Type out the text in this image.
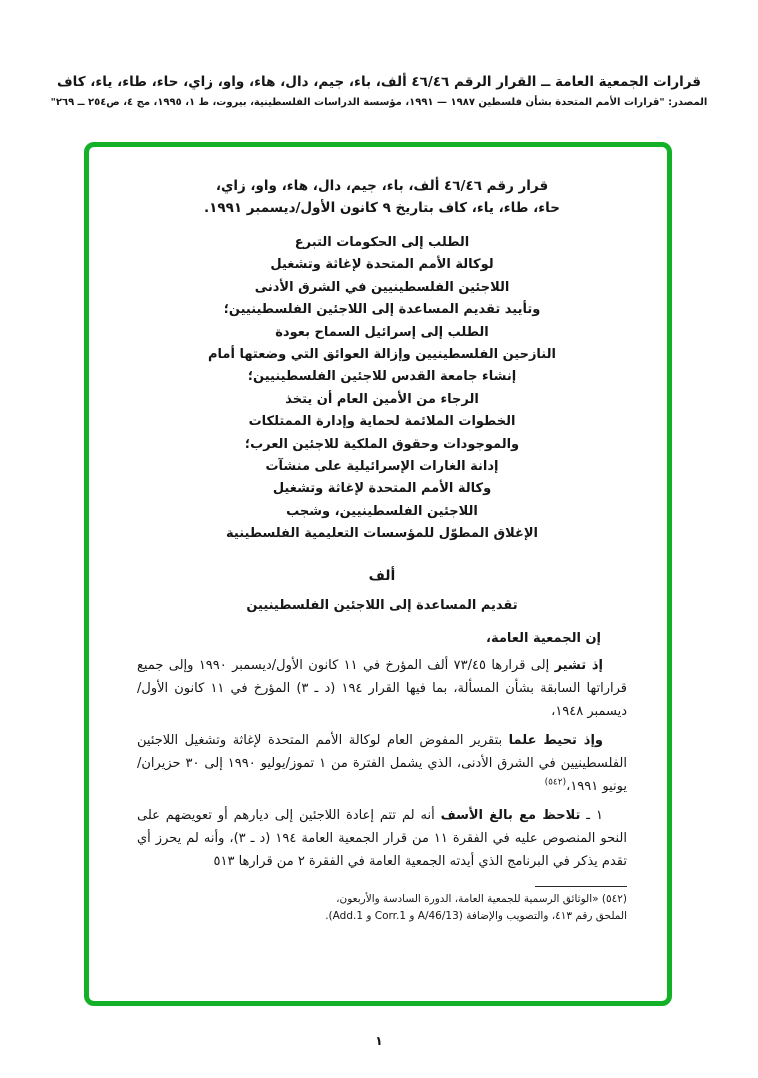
قرارات الجمعية العامة ــ القرار الرقم ٤٦/٤٦ ألف، باء، جيم، دال، هاء، واو، زاي، حاء، طاء، ياء، كاف
المصدر: "قرارات الأمم المتحدة بشأن فلسطين ١٩٨٧ — ١٩٩١، مؤسسة الدراسات الفلسطينية، بيروت، ط ١، ١٩٩٥، مج ٤، ص٢٥٤ ــ ٢٦٩"
قرار رقم ٤٦/٤٦ ألف، باء، جيم، دال، هاء، واو، زاي،
حاء، طاء، ياء، كاف بتاريخ ٩ كانون الأول/ديسمبر ١٩٩١.
الطلب إلى الحكومات التبرع
لوكالة الأمم المتحدة لإغاثة وتشغيل
اللاجئين الفلسطينيين في الشرق الأدنى
وتأييد تقديم المساعدة إلى اللاجئين الفلسطينيين؛
الطلب إلى إسرائيل السماح بعودة
النازحين الفلسطينيين وإزالة العوائق التي وضعتها أمام
إنشاء جامعة القدس للاجئين الفلسطينيين؛
الرجاء من الأمين العام أن يتخذ
الخطوات الملائمة لحماية وإدارة الممتلكات
والموجودات وحقوق الملكية للاجئين العرب؛
إدانة الغارات الإسرائيلية على منشآت
وكالة الأمم المتحدة لإغاثة وتشغيل
اللاجئين الفلسطينيين، وشجب
الإغلاق المطوّل للمؤسسات التعليمية الفلسطينية
ألف
تقديم المساعدة إلى اللاجئين الفلسطينيين
إن الجمعية العامة،

إذ تشير إلى قرارها ٧٣/٤٥ ألف المؤرخ في ١١ كانون الأول/ديسمبر ١٩٩٠ وإلى جميع قراراتها السابقة بشأن المسألة، بما فيها القرار ١٩٤ (د ـ ٣) المؤرخ في ١١ كانون الأول/ديسمبر ١٩٤٨،

وإذ تحيط علما بتقرير المفوض العام لوكالة الأمم المتحدة لإغاثة وتشغيل اللاجئين الفلسطينيين في الشرق الأدنى، الذي يشمل الفترة من ١ تموز/يوليو ١٩٩٠ إلى ٣٠ حزيران/يونيو ١٩٩١،$^{(٥٤٢)}$

١ ـ تلاحظ مع بالغ الأسف أنه لم تتم إعادة اللاجئين إلى ديارهم أو تعويضهم على النحو المنصوص عليه في الفقرة ١١ من قرار الجمعية العامة ١٩٤ (د ـ ٣)، وأنه لم يحرز أي تقدم يذكر في البرنامج الذي أيدته الجمعية العامة في الفقرة ٢ من قرارها ٥١٣

(٥٤٢) «الوثائق الرسمية للجمعية العامة، الدورة السادسة والأربعون، الملحق رقم ٤١٣، والتصويب والإضافة (A/46/13 و Corr.1 و Add.1).
١
